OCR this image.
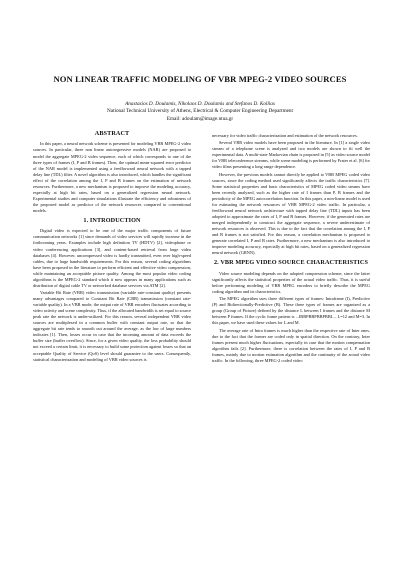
NON LINEAR TRAFFIC MODELING OF VBR MPEG-2 VIDEO SOURCES
Anastasios D. Doulamis, Nikolaos D. Doulamis and Stefanos D. Kollias
National Technical University of Athens, Electrical & Computer Engineering Department
Email: adoulam@image.ntua.gr
ABSTRACT

In this paper, a neural network scheme is presented for modeling VBR MPEG-2 video sources. In particular, three non linear autoregressive models (NAR) are proposed to model the aggregate MPEG-2 video sequence, each of which corresponds to one of the three types of frames (I, P and B frames). Then, the optimal mean-squared error predictor of the NAR model is implemented using a feedforward neural network with a tapped delay line (TDL) filter. A novel algorithm is also introduced, which handles the significant effect of the correlation among the I, P and B frames on the estimation of network resources. Furthermore, a new mechanism is proposed to improve the modeling accuracy, especially at high bit rates, based on a generalized regression neural network. Experimental studies and computer simulations illustrate the efficiency and robustness of the proposed model as predictor of the network resources compared to conventional models.

1. INTRODUCTION

Digital video is expected to be one of the major traffic components of future communication networks [1] since demands of video services will rapidly increase in the forthcoming years. Examples include high definition TV (HDTV) [2], videophone or video conferencing applications [3], and content-based retrieval from large video databases [4]. However, uncompressed video is hardly transmitted, even over high-speed cables, due to large bandwidth requirements. For this reason, several coding algorithms have been proposed in the literature to perform efficient and effective video compression, while maintaining an acceptable picture quality. Among the most popular video coding algorithms is the MPEG-2 standard which it now appears in many applications such as distribution of digital cable TV or networked database services via ATM [2].

Variable Bit Rate (VBR) video transmission (variable rate-constant quality) presents many advantages compared to Constant Bit Rate (CBR) transmission (constant rate-variable quality). In a VBR mode, the output rate of VBR encoders fluctuates according to video activity and scene complexity. Thus, if the allocated bandwidth is set equal to source peak rate the network is under-utilized. For this reason, several independent VBR video sources are multiplexed in a common buffer with constant output rate, so that the aggregate bit rate tends to smooth out around the average, as the law of large numbers indicates [1]. Then, losses occur in case that the incoming amount of data exceeds the buffer size (buffer overflow). Since, for a given video quality, the loss probability should not exceed a certain limit, it is necessary to build some protection against losses so that an acceptable Quality of Service (QoS) level should guarantee to the users. Consequently, statistical characterization and modeling of VBR video sources is

necessary for video traffic characterization and estimation of the network resources.

Several VBR video models have been proposed in the literature. In [1] a single video stream of a telephone scene is analyzed and two models are shown to fit well the experimental data. A multi-state Markovian chain is proposed in [5] as video source model for VBR teleconference streams, while scene modeling is performed by Frater et al. [6] for video films presenting a long range dependence.

However, the previous models cannot directly be applied to VBR MPEG coded video sources, since the coding method used significantly affects the traffic characteristics [7]. Some statistical properties and basic characteristics of MPEG coded video steams have been recently analyzed, such as the higher rate of I frames than P, B frames and the periodicity of the MPEG autocorrelation function. In this paper, a non-linear model is used for estimating the network resources of VBR MPEG-2 video traffic. In particular, a feedforward neural network architecture with tapped delay line (TDL) inputs has been adopted to approximate the rates of I, P and B frames. However, if the generated rates are merged independently to construct the aggregate sequence, a severe underestimate of network resources is observed. This is due to the fact that the correlation among the I, P and B frames is not satisfied. For this reason, a correlation mechanism is proposed to generate correlated I, P and B rates. Furthermore, a new mechanism is also introduced to improve modeling accuracy, especially at high bit rates, based on a generalized regression neural network (GRNN).

2. VBR MPEG VIDEO SOURCE CHARACTERISTICS

Video source modeling depends on the adopted compression scheme, since the latter significantly affects the statistical properties of the actual video traffic. Thus, it is useful before performing modeling of VBR MPEG encoders to briefly describe the MPEG coding algorithm and its characteristics.

The MPEG algorithm uses three different types of frames: Intraframe (I), Predictive (P) and Bidirectionally-Predictive (B). These three types of frames are organized as a group (Group of Picture) defined by the distance L between I frames and the distance M between P frames. If the cyclic frame pattern is ...IBBPBBPBBPBBI..., L=12 and M=3. In this paper, we have used these values for L and M.

The average rate of Intra frames is much higher than the respective rate of Inter ones, due to the fact that the former are coded only in spatial direction. On the contrary, Inter frames present much higher fluctuations, especially in case that the motion compensation algorithm fails [2]. Furthermore, there is correlation between the rates of I, P and B frames, mainly due to motion estimation algorithm and the continuity of the actual video traffic. In the following, three MPEG-2 coded video
